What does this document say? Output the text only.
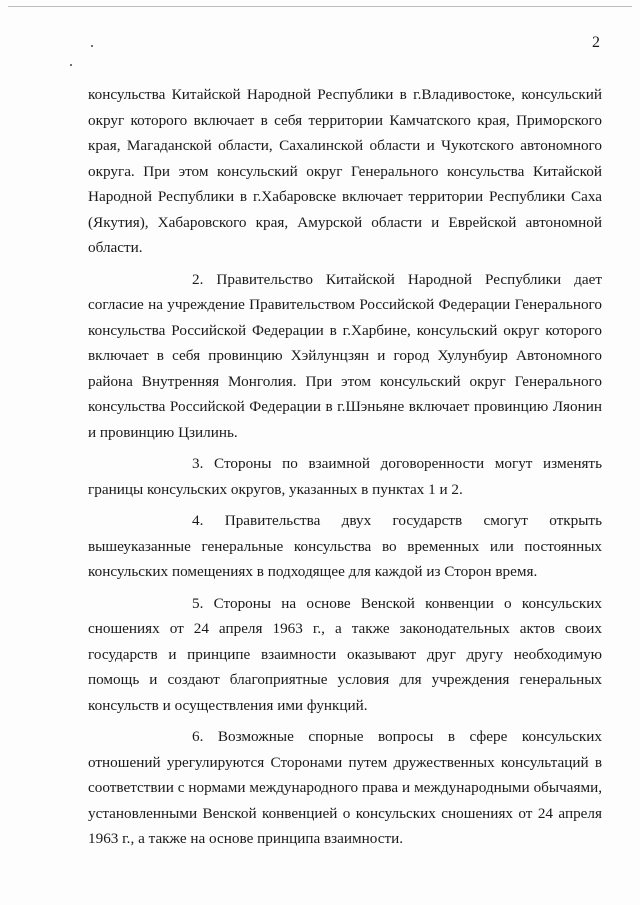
2

консульства Китайской Народной Республики в г.Владивостоке, консульский округ которого включает в себя территории Камчатского края, Приморского края, Магаданской области, Сахалинской области и Чукотского автономного округа. При этом консульский округ Генерального консульства Китайской Народной Республики в г.Хабаровске включает территории Республики Саха (Якутия), Хабаровского края, Амурской области и Еврейской автономной области.

2. Правительство Китайской Народной Республики дает согласие на учреждение Правительством Российской Федерации Генерального консульства Российской Федерации в г.Харбине, консульский округ которого включает в себя провинцию Хэйлунцзян и город Хулунбуир Автономного района Внутренняя Монголия. При этом консульский округ Генерального консульства Российской Федерации в г.Шэньяне включает провинцию Ляонин и провинцию Цзилинь.

3. Стороны по взаимной договоренности могут изменять границы консульских округов, указанных в пунктах 1 и 2.

4. Правительства двух государств смогут открыть вышеуказанные генеральные консульства во временных или постоянных консульских помещениях в подходящее для каждой из Сторон время.

5. Стороны на основе Венской конвенции о консульских сношениях от 24 апреля 1963 г., а также законодательных актов своих государств и принципе взаимности оказывают друг другу необходимую помощь и создают благоприятные условия для учреждения генеральных консульств и осуществления ими функций.

6. Возможные спорные вопросы в сфере консульских отношений урегулируются Сторонами путем дружественных консультаций в соответствии с нормами международного права и международными обычаями, установленными Венской конвенцией о консульских сношениях от 24 апреля 1963 г., а также на основе принципа взаимности.
